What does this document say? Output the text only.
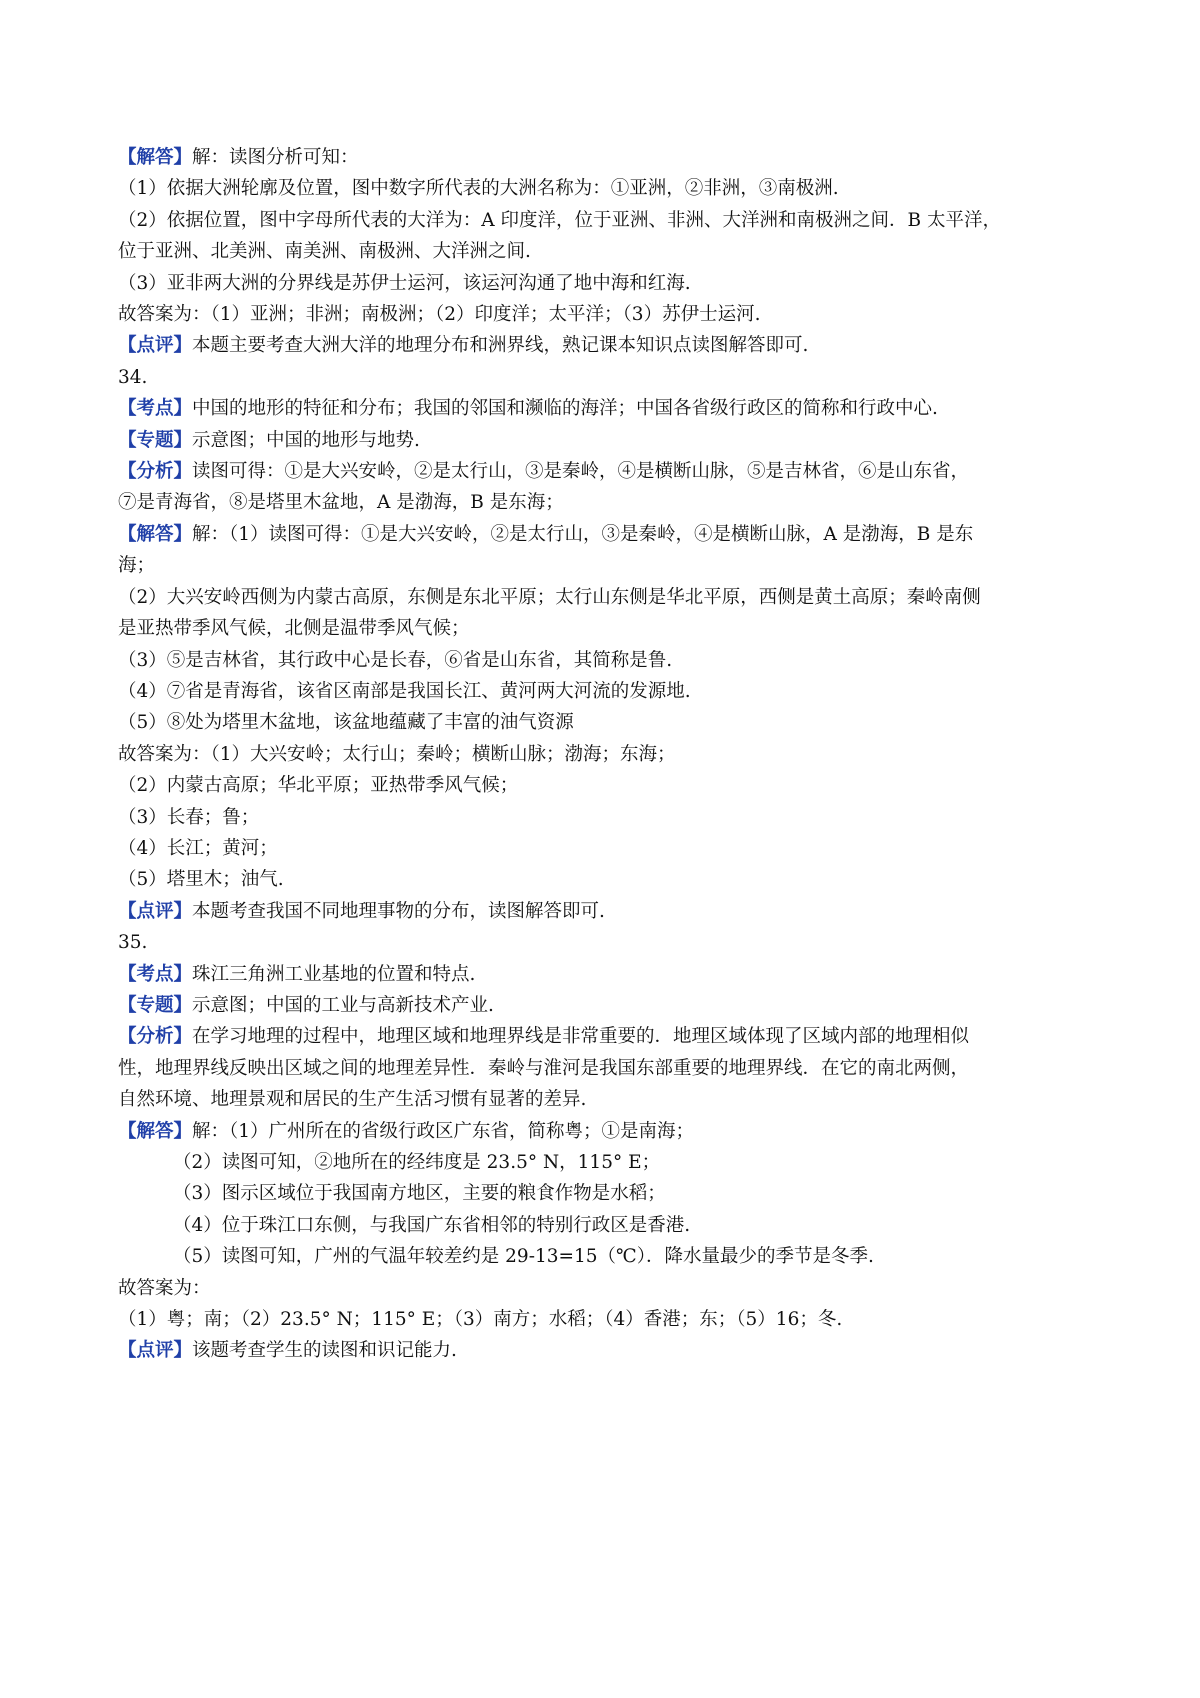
【解答】解：读图分析可知：

（1）依据大洲轮廓及位置，图中数字所代表的大洲名称为：①亚洲，②非洲，③南极洲.

（2）依据位置，图中字母所代表的大洋为：A 印度洋，位于亚洲、非洲、大洋洲和南极洲之间．B 太平洋，

位于亚洲、北美洲、南美洲、南极洲、大洋洲之间.

（3）亚非两大洲的分界线是苏伊士运河，该运河沟通了地中海和红海.

故答案为：（1）亚洲；非洲；南极洲；（2）印度洋；太平洋；（3）苏伊士运河.

【点评】本题主要考查大洲大洋的地理分布和洲界线，熟记课本知识点读图解答即可.

34.

【考点】中国的地形的特征和分布；我国的邻国和濒临的海洋；中国各省级行政区的简称和行政中心.

【专题】示意图；中国的地形与地势.

【分析】读图可得：①是大兴安岭，②是太行山，③是秦岭，④是横断山脉，⑤是吉林省，⑥是山东省，

⑦是青海省，⑧是塔里木盆地，A 是渤海，B 是东海；

【解答】解：（1）读图可得：①是大兴安岭，②是太行山，③是秦岭，④是横断山脉，A 是渤海，B 是东

海；

（2）大兴安岭西侧为内蒙古高原，东侧是东北平原；太行山东侧是华北平原，西侧是黄土高原；秦岭南侧

是亚热带季风气候，北侧是温带季风气候；

（3）⑤是吉林省，其行政中心是长春，⑥省是山东省，其简称是鲁.

（4）⑦省是青海省，该省区南部是我国长江、黄河两大河流的发源地.

（5）⑧处为塔里木盆地，该盆地蕴藏了丰富的油气资源

故答案为：（1）大兴安岭；太行山；秦岭；横断山脉；渤海；东海；

（2）内蒙古高原；华北平原；亚热带季风气候；

（3）长春；鲁；

（4）长江；黄河；

（5）塔里木；油气.

【点评】本题考查我国不同地理事物的分布，读图解答即可.

35.

【考点】珠江三角洲工业基地的位置和特点.

【专题】示意图；中国的工业与高新技术产业.

【分析】在学习地理的过程中，地理区域和地理界线是非常重要的．地理区域体现了区域内部的地理相似

性，地理界线反映出区域之间的地理差异性．秦岭与淮河是我国东部重要的地理界线．在它的南北两侧，

自然环境、地理景观和居民的生产生活习惯有显著的差异.

【解答】解：（1）广州所在的省级行政区广东省，简称粤；①是南海；

（2）读图可知，②地所在的经纬度是 23.5° N，115° E；

（3）图示区域位于我国南方地区，主要的粮食作物是水稻；

（4）位于珠江口东侧，与我国广东省相邻的特别行政区是香港.

（5）读图可知，广州的气温年较差约是 29-13=15（℃）．降水量最少的季节是冬季.

故答案为：

（1）粤；南；（2）23.5° N；115° E；（3）南方；水稻；（4）香港；东；（5）16；冬.

【点评】该题考查学生的读图和识记能力.
